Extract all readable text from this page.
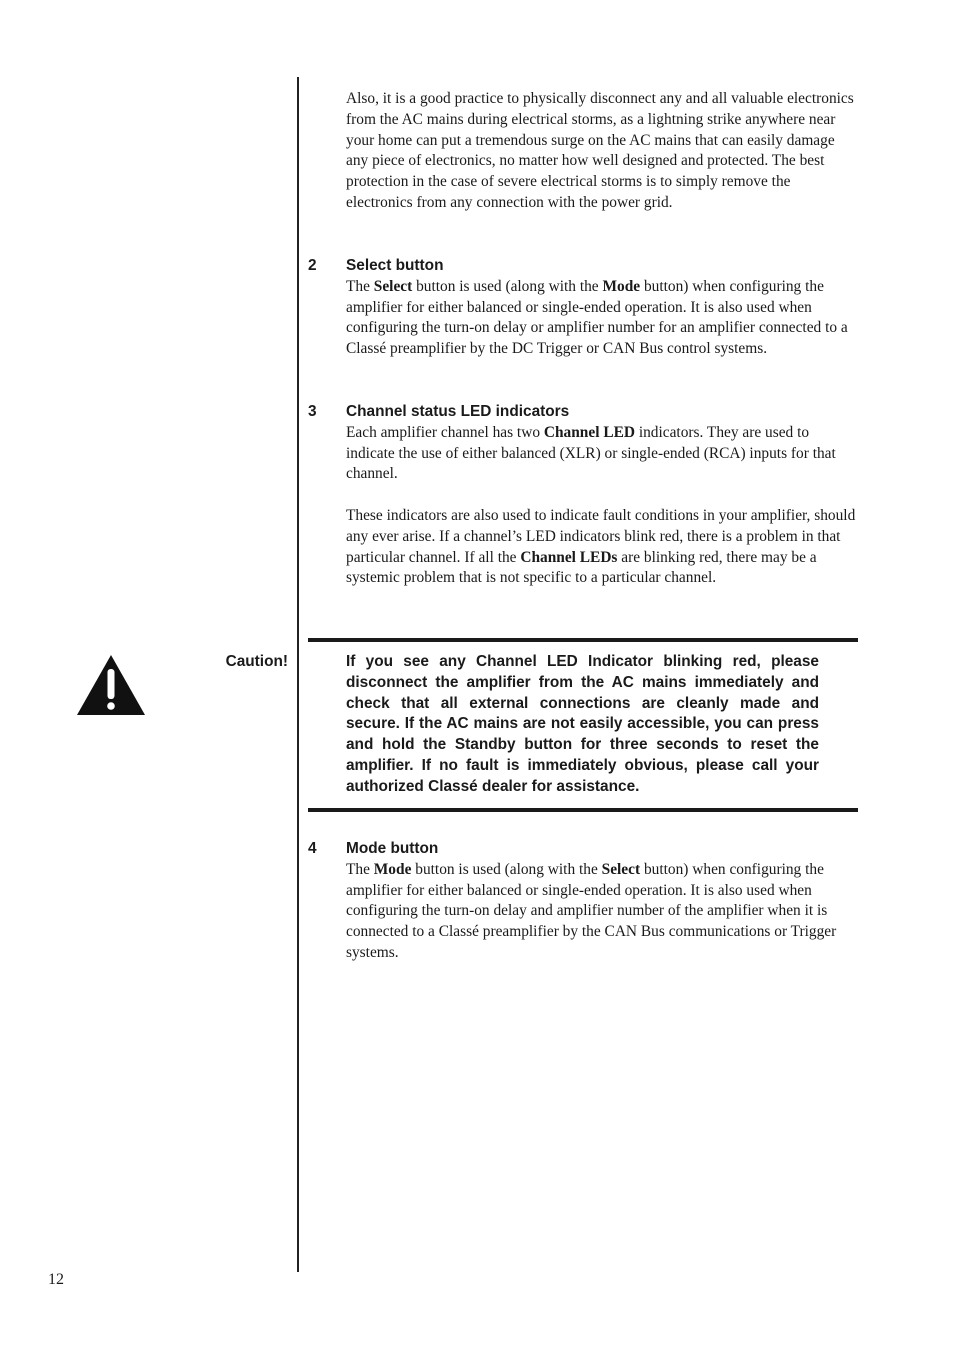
Also, it is a good practice to physically disconnect any and all valuable electronics from the AC mains during electrical storms, as a lightning strike anywhere near your home can put a tremendous surge on the AC mains that can easily damage any piece of electronics, no matter how well designed and protected. The best protection in the case of severe electrical storms is to simply remove the electronics from any connection with the power grid.

2 Select button

The Select button is used (along with the Mode button) when configuring the amplifier for either balanced or single-ended operation. It is also used when configuring the turn-on delay or amplifier number for an amplifier connected to a Classé preamplifier by the DC Trigger or CAN Bus control systems.

3 Channel status LED indicators

Each amplifier channel has two Channel LED indicators. They are used to indicate the use of either balanced (XLR) or single-ended (RCA) inputs for that channel.

These indicators are also used to indicate fault conditions in your amplifier, should any ever arise. If a channel’s LED indicators blink red, there is a problem in that particular channel. If all the Channel LEDs are blinking red, there may be a systemic problem that is not specific to a particular channel.

Caution!	If you see any Channel LED Indicator blinking red, please disconnect the amplifier from the AC mains immediately and check that all external connections are cleanly made and secure. If the AC mains are not easily accessible, you can press and hold the Standby button for three seconds to reset the amplifier. If no fault is immediately obvious, please call your authorized Classé dealer for assistance.
4 Mode button

The Mode button is used (along with the Select button) when configuring the amplifier for either balanced or single-ended operation. It is also used when configuring the turn-on delay and amplifier number of the amplifier when it is connected to a Classé preamplifier by the CAN Bus communications or Trigger systems.

12
